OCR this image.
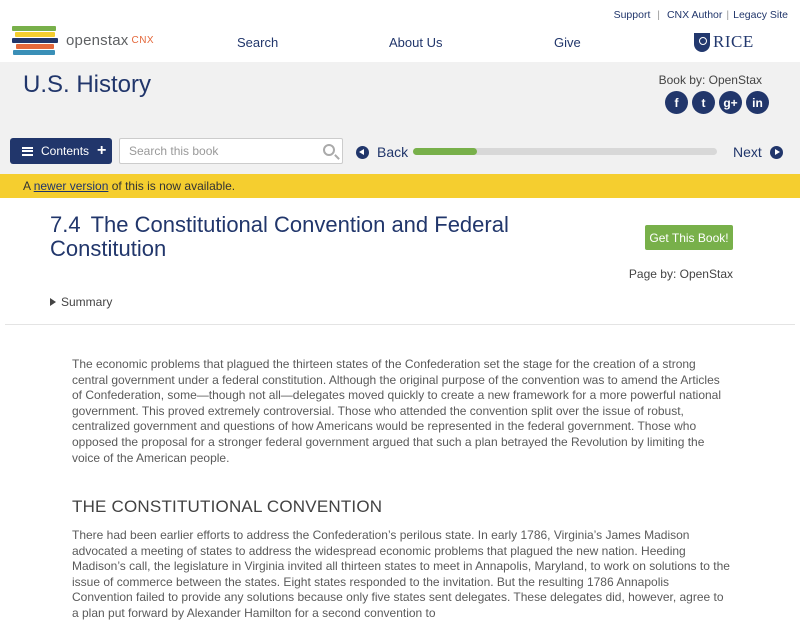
openstax CNX
Support | CNX Author | Legacy Site
Search	About Us	Give	RICE
U.S. History	Book by: OpenStax
f	t	g+	in
Contents +
Search this book	Back	Next
A newer version of this is now available.
7.4 The Constitutional Convention and Federal Constitution	Get This Book!
Page by: OpenStax
Summary

The economic problems that plagued the thirteen states of the Confederation set the stage for the creation of a strong central government under a federal constitution. Although the original purpose of the convention was to amend the Articles of Confederation, some—though not all—delegates moved quickly to create a new framework for a more powerful national government. This proved extremely controversial. Those who attended the convention split over the issue of robust, centralized government and questions of how Americans would be represented in the federal government. Those who opposed the proposal for a stronger federal government argued that such a plan betrayed the Revolution by limiting the voice of the American people.

THE CONSTITUTIONAL CONVENTION

There had been earlier efforts to address the Confederation’s perilous state. In early 1786, Virginia’s James Madison advocated a meeting of states to address the widespread economic problems that plagued the new nation. Heeding Madison’s call, the legislature in Virginia invited all thirteen states to meet in Annapolis, Maryland, to work on solutions to the issue of commerce between the states. Eight states responded to the invitation. But the resulting 1786 Annapolis Convention failed to provide any solutions because only five states sent delegates. These delegates did, however, agree to a plan put forward by Alexander Hamilton for a second convention to
